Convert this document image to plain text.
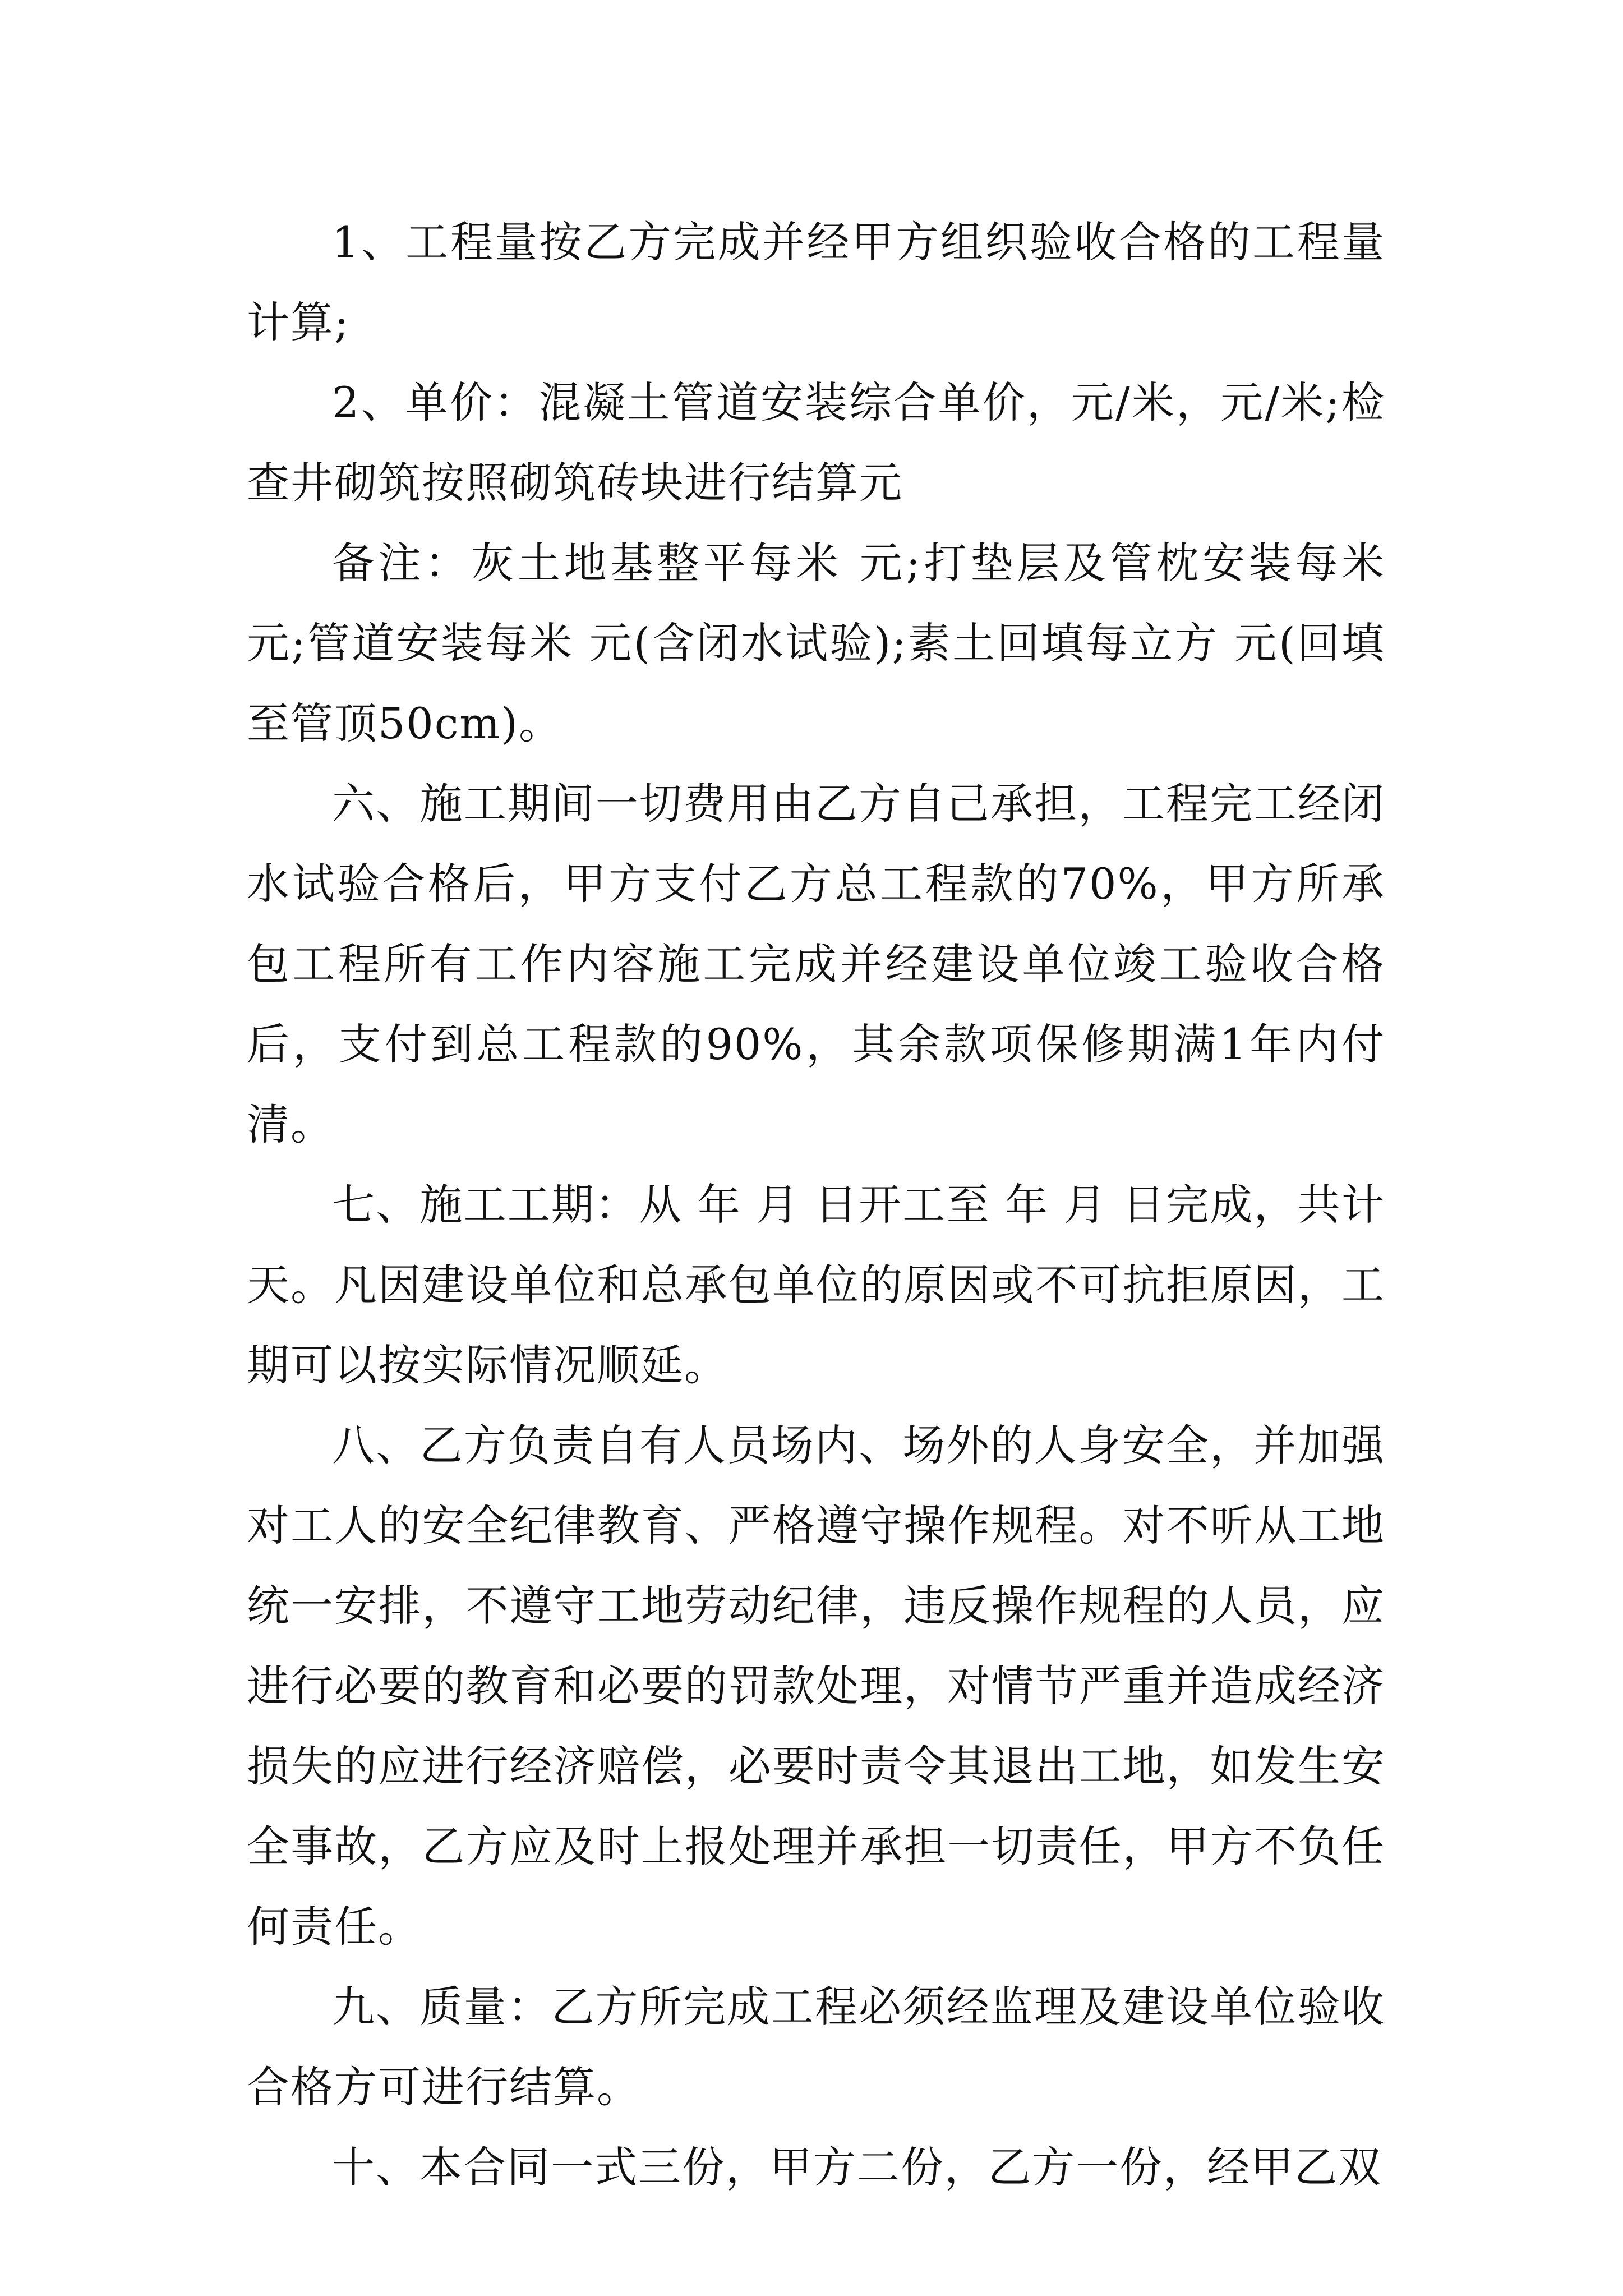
1、工程量按乙方完成并经甲方组织验收合格的工程量计算;

2、单价：混凝土管道安装综合单价，元/米，元/米;检查井砌筑按照砌筑砖块进行结算元

备注：灰土地基整平每米 元;打垫层及管枕安装每米 元;管道安装每米 元(含闭水试验);素土回填每立方 元(回填至管顶50cm)。

六、施工期间一切费用由乙方自己承担，工程完工经闭水试验合格后，甲方支付乙方总工程款的70%，甲方所承包工程所有工作内容施工完成并经建设单位竣工验收合格后，支付到总工程款的90%，其余款项保修期满1年内付清。

七、施工工期：从 年 月 日开工至 年 月 日完成，共计 天。凡因建设单位和总承包单位的原因或不可抗拒原因，工期可以按实际情况顺延。

八、乙方负责自有人员场内、场外的人身安全，并加强对工人的安全纪律教育、严格遵守操作规程。对不听从工地统一安排，不遵守工地劳动纪律，违反操作规程的人员，应进行必要的教育和必要的罚款处理，对情节严重并造成经济损失的应进行经济赔偿，必要时责令其退出工地，如发生安全事故，乙方应及时上报处理并承担一切责任，甲方不负任何责任。

九、质量：乙方所完成工程必须经监理及建设单位验收合格方可进行结算。

十、本合同一式三份，甲方二份，乙方一份，经甲乙双
